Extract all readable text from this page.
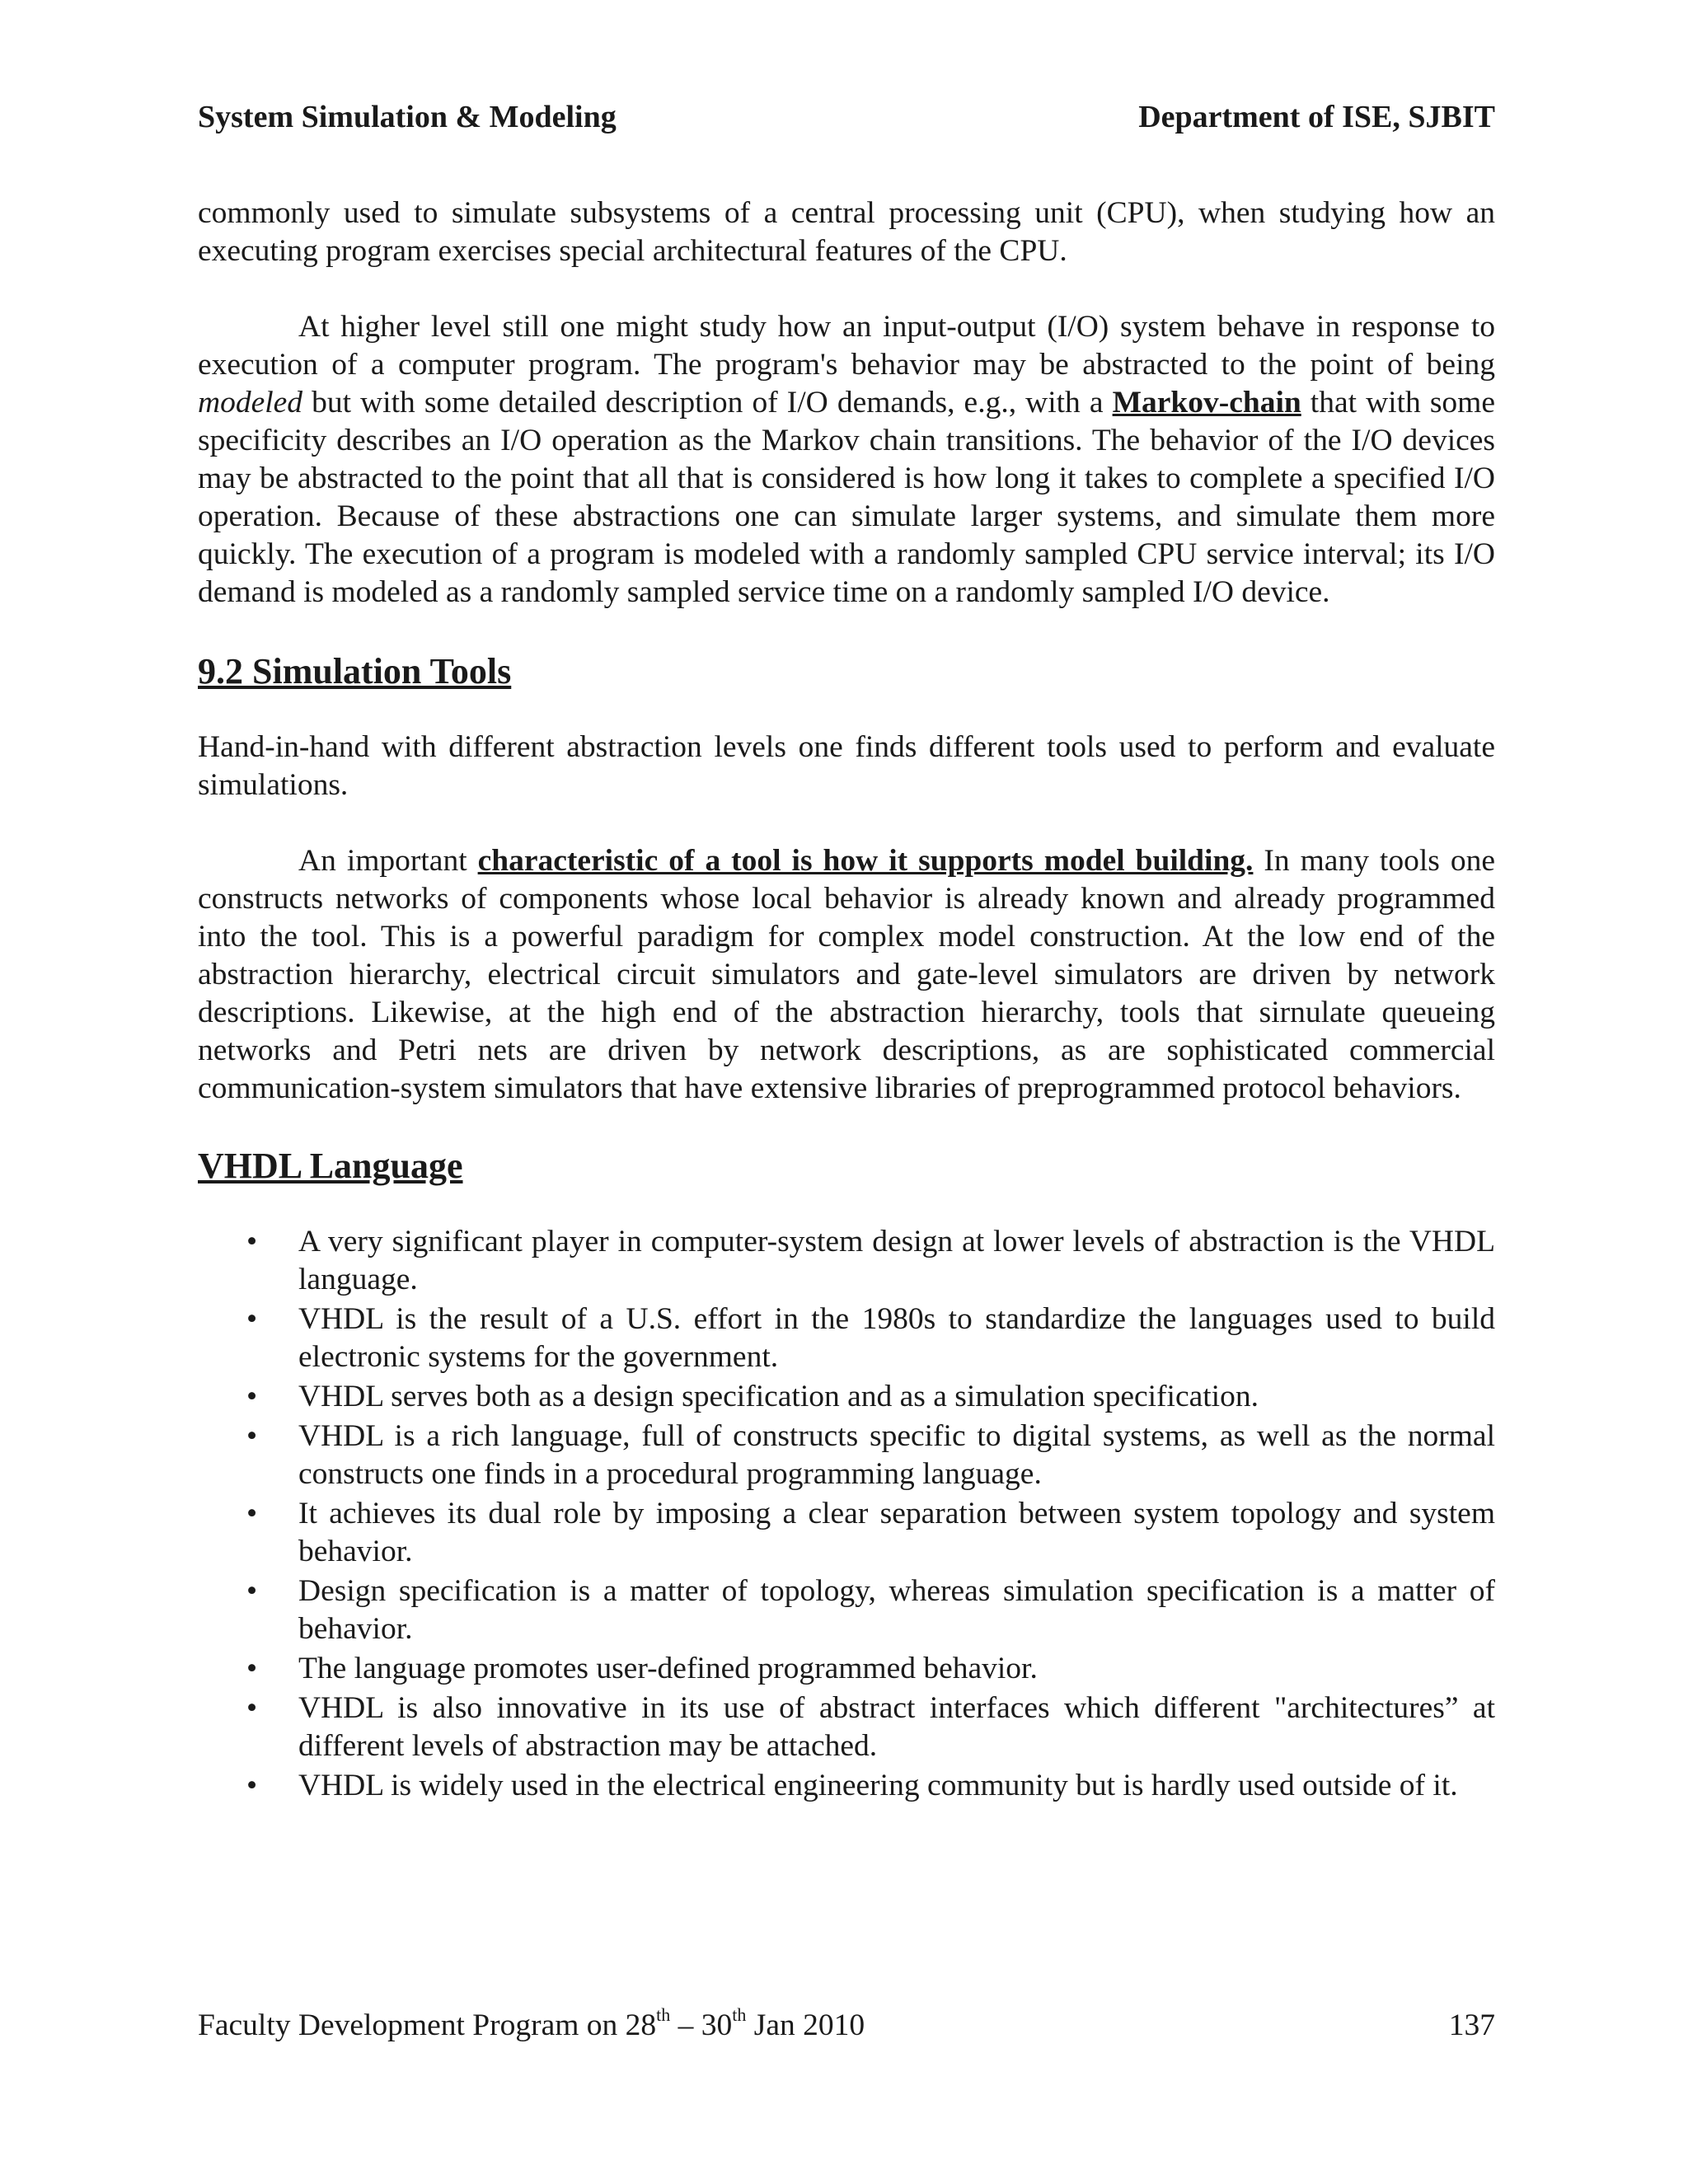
System Simulation & Modeling	Department of ISE, SJBIT

commonly used to simulate subsystems of a central processing unit (CPU), when studying how an executing program exercises special architectural features of the CPU.

At higher level still one might study how an input-output (I/O) system behave in response to execution of a computer program. The program's behavior may be abstracted to the point of being modeled but with some detailed description of I/O demands, e.g., with a Markov-chain that with some specificity describes an I/O operation as the Markov chain transitions. The behavior of the I/O devices may be abstracted to the point that all that is considered is how long it takes to complete a specified I/O operation. Because of these abstractions one can simulate larger systems, and simulate them more quickly. The execution of a program is modeled with a randomly sampled CPU service interval; its I/O demand is modeled as a randomly sampled service time on a randomly sampled I/O device.

9.2 Simulation Tools

Hand-in-hand with different abstraction levels one finds different tools used to perform and evaluate simulations.

An important characteristic of a tool is how it supports model building. In many tools one constructs networks of components whose local behavior is already known and already programmed into the tool. This is a powerful paradigm for complex model construction. At the low end of the abstraction hierarchy, electrical circuit simulators and gate-level simulators are driven by network descriptions. Likewise, at the high end of the abstraction hierarchy, tools that sirnulate queueing networks and Petri nets are driven by network descriptions, as are sophisticated commercial communication-system simulators that have extensive libraries of preprogrammed protocol behaviors.

VHDL Language
• A very significant player in computer-system design at lower levels of abstraction is the VHDL language.
• VHDL is the result of a U.S. effort in the 1980s to standardize the languages used to build electronic systems for the government.
• VHDL serves both as a design specification and as a simulation specification.
• VHDL is a rich language, full of constructs specific to digital systems, as well as the normal constructs one finds in a procedural programming language.
• It achieves its dual role by imposing a clear separation between system topology and system behavior.
• Design specification is a matter of topology, whereas simulation specification is a matter of behavior.
• The language promotes user-defined programmed behavior.
• VHDL is also innovative in its use of abstract interfaces which different "architectures” at different levels of abstraction may be attached.
• VHDL is widely used in the electrical engineering community but is hardly used outside of it.
Faculty Development Program on 28th – 30th Jan 2010	137
